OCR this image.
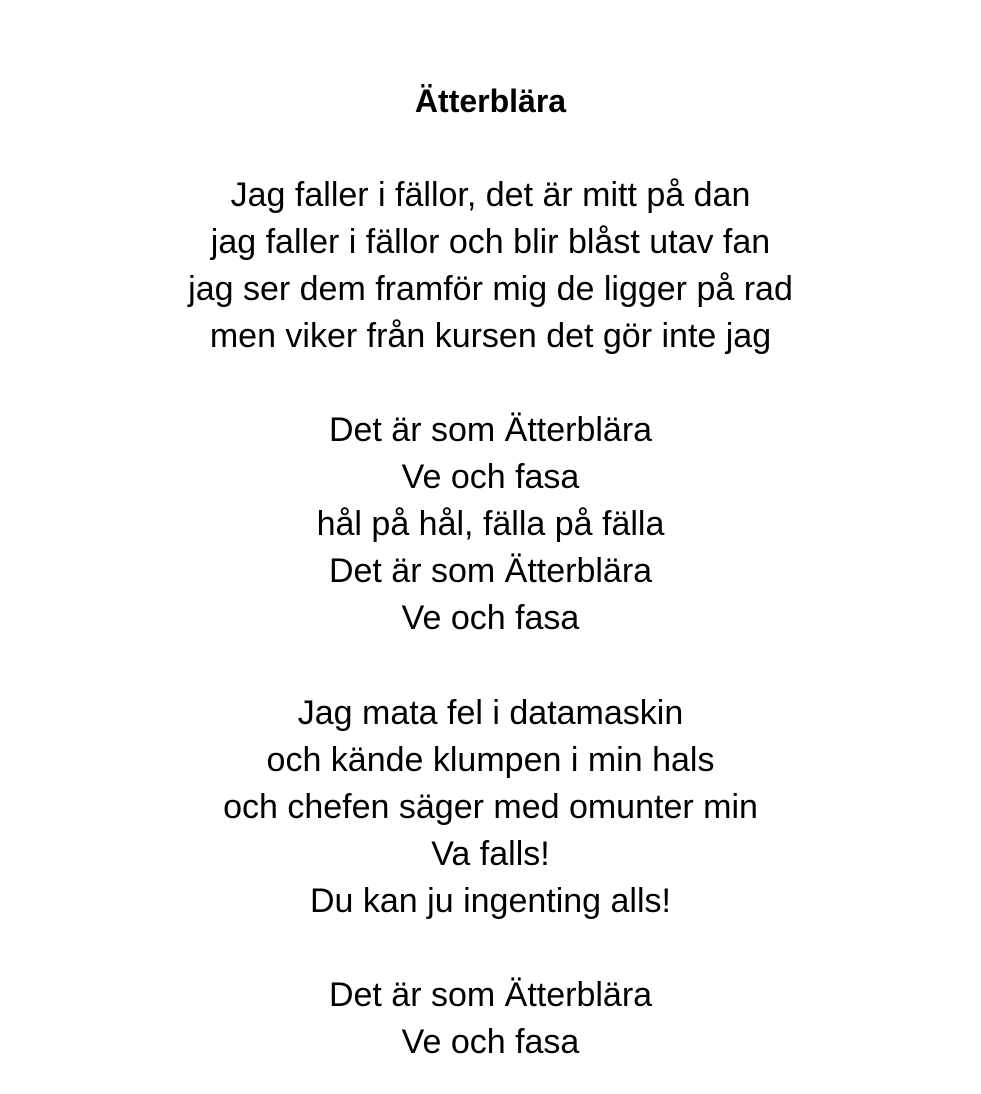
Ätterblära
Jag faller i fällor, det är mitt på dan
jag faller i fällor och blir blåst utav fan
jag ser dem framför mig de ligger på rad
men viker från kursen det gör inte jag
Det är som Ätterblära
Ve och fasa
hål på hål, fälla på fälla
Det är som Ätterblära
Ve och fasa
Jag mata fel i datamaskin
och kände klumpen i min hals
och chefen säger med omunter min
Va falls!
Du kan ju ingenting alls!
Det är som Ätterblära
Ve och fasa
